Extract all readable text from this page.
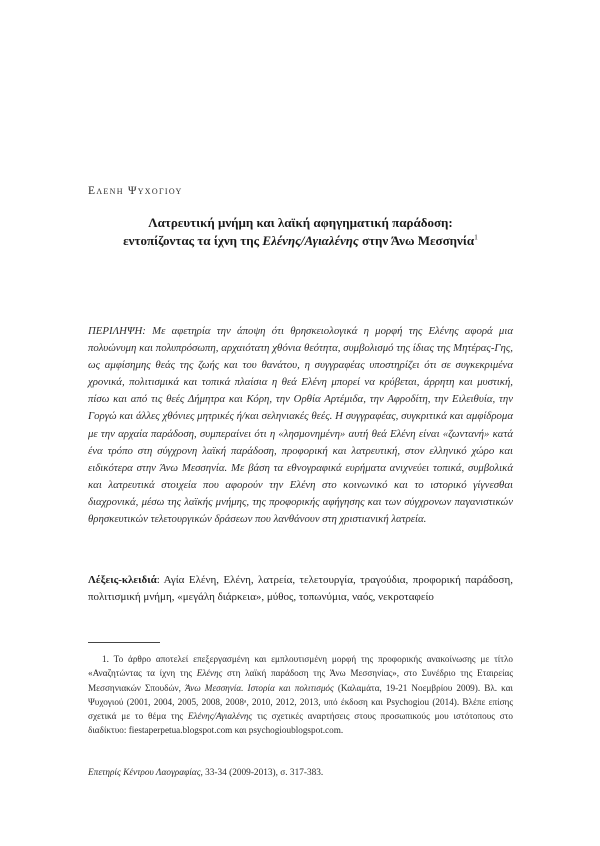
Ελενη Ψυχογιου
Λατρευτική μνήμη και λαϊκή αφηγηματική παράδοση:
εντοπίζοντας τα ίχνη της Ελένης/Αγιαλένης στην Άνω Μεσσηνία$^1$

ΠΕΡΙΛΗΨΗ: Με αφετηρία την άποψη ότι θρησκειολογικά η μορφή της Ελένης αφορά μια πολυώνυμη και πολυπρόσωπη, αρχαιότατη χθόνια θεότητα, συμβολισμό της ίδιας της Μητέρας-Γης, ως αμφίσημης θεάς της ζωής και του θανάτου, η συγγραφέας υποστηρίζει ότι σε συγκεκριμένα χρονικά, πολιτισμικά και τοπικά πλαίσια η θεά Ελένη μπορεί να κρύβεται, άρρητη και μυστική, πίσω και από τις θεές Δήμητρα και Κόρη, την Ορθία Αρτέμιδα, την Αφροδίτη, την Ειλειθυία, την Γοργώ και άλλες χθόνιες μητρικές ή/και σεληνιακές θεές. Η συγγραφέας, συγκριτικά και αμφίδρομα με την αρχαία παράδοση, συμπεραίνει ότι η «λησμονημένη» αυτή θεά Ελένη είναι «ζωντανή» κατά ένα τρόπο στη σύγχρονη λαϊκή παράδοση, προφορική και λατρευτική, στον ελληνικό χώρο και ειδικότερα στην Άνω Μεσσηνία. Με βάση τα εθνογραφικά ευρήματα ανιχνεύει τοπικά, συμβολικά και λατρευτικά στοιχεία που αφορούν την Ελένη στο κοινωνικό και το ιστορικό γίγνεσθαι διαχρονικά, μέσω της λαϊκής μνήμης, της προφορικής αφήγησης και των σύγχρονων παγανιστικών θρησκευτικών τελετουργικών δράσεων που λανθάνουν στη χριστιανική λατρεία.

Λέξεις-κλειδιά: Αγία Ελένη, Ελένη, λατρεία, τελετουργία, τραγούδια, προφορική παράδοση, πολιτισμική μνήμη, «μεγάλη διάρκεια», μύθος, τοπωνύμια, ναός, νεκροταφείο

1. Το άρθρο αποτελεί επεξεργασμένη και εμπλουτισμένη μορφή της προφορικής ανακοίνωσης με τίτλο «Αναζητώντας τα ίχνη της Ελένης στη λαϊκή παράδοση της Άνω Μεσσηνίας», στο Συνέδριο της Εταιρείας Μεσσηνιακών Σπουδών, Άνω Μεσσηνία. Ιστορία και πολιτισμός (Καλαμάτα, 19-21 Νοεμβρίου 2009). Βλ. και Ψυχογιού (2001, 2004, 2005, 2008, 2008ᵃ, 2010, 2012, 2013, υπό έκδοση και Psychogiou (2014). Βλέπε επίσης σχετικά με το θέμα της Ελένης/Αγιαλένης τις σχετικές αναρτήσεις στους προσωπικούς μου ιστότοπους στο διαδίκτυο: fiestaperpetua.blogspot.com και psychogioublogspot.com.

Επετηρίς Κέντρου Λαογραφίας, 33-34 (2009-2013), σ. 317-383.
